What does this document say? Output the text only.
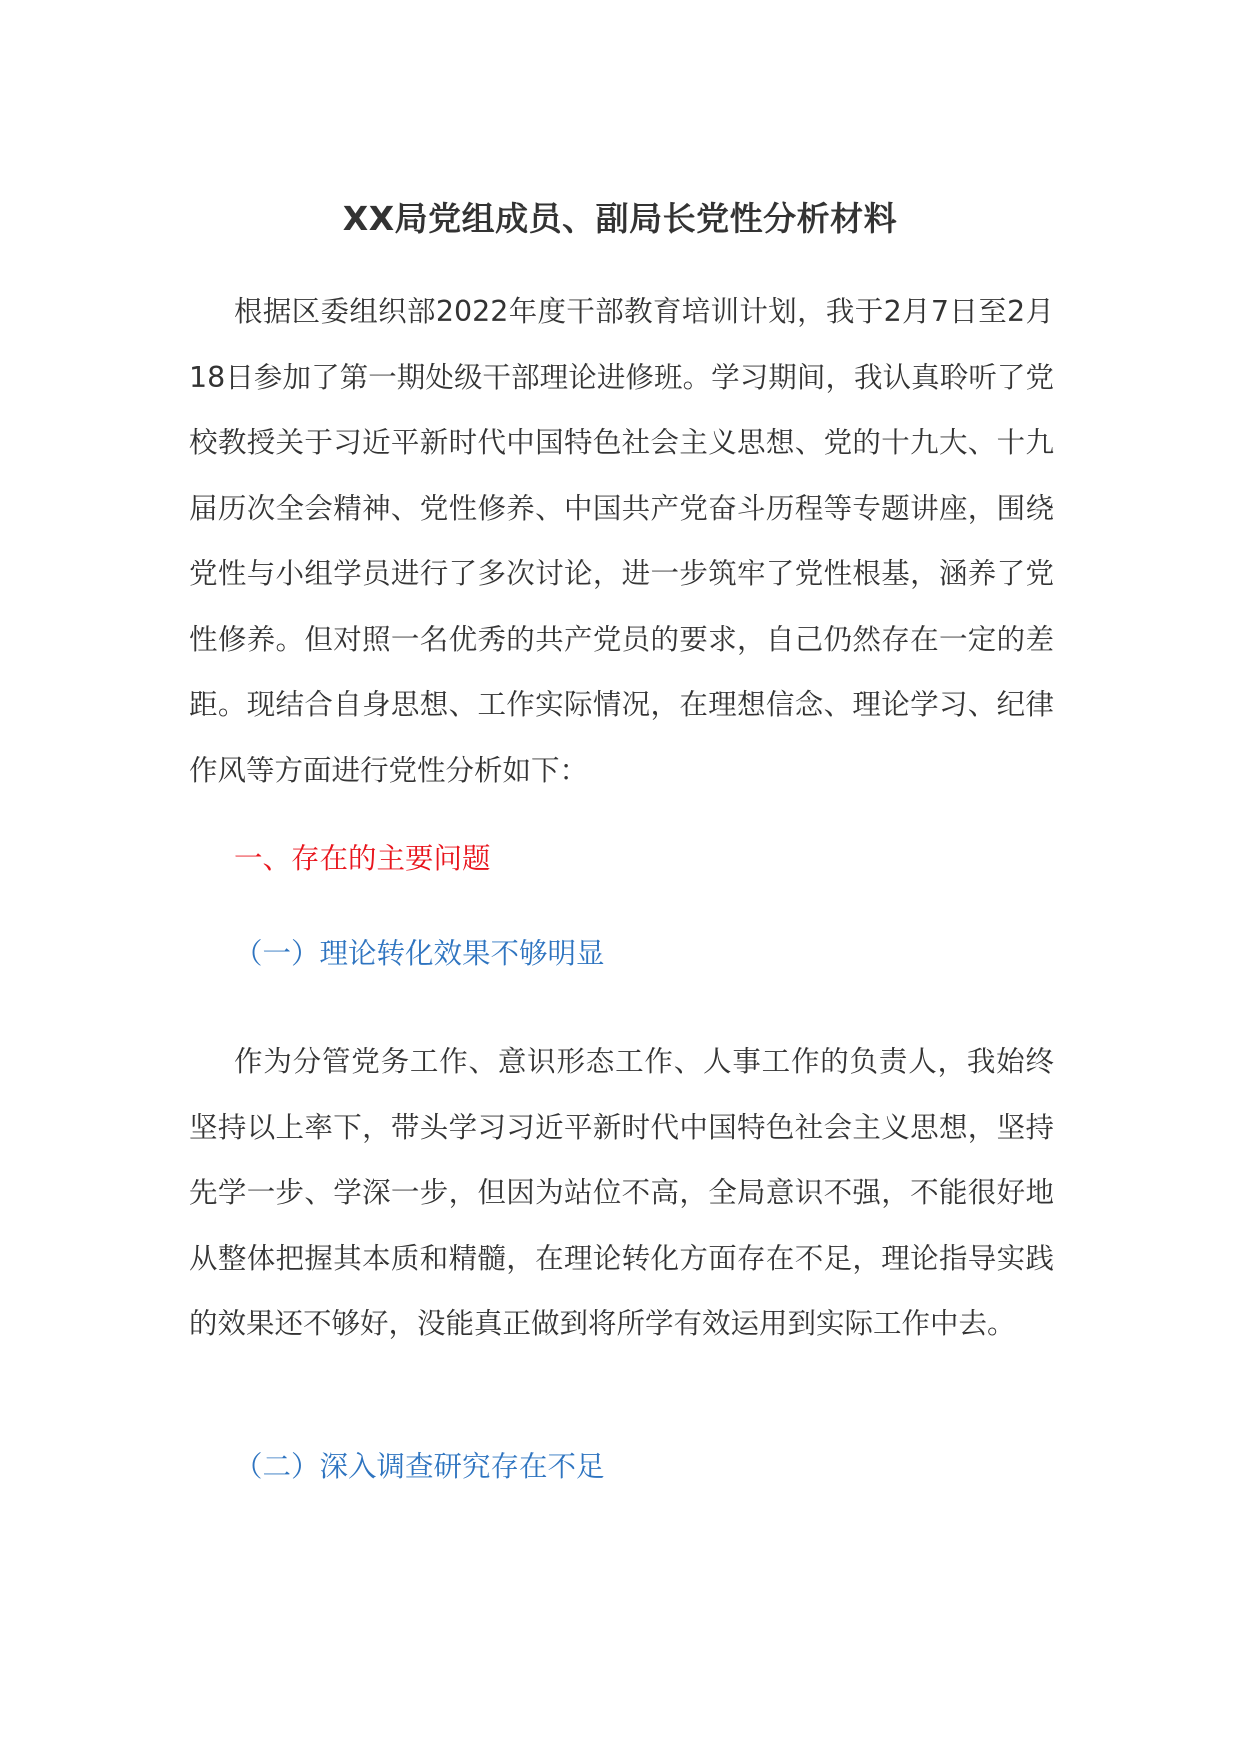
XX局党组成员、副局长党性分析材料

根据区委组织部2022年度干部教育培训计划，我于2月7日至2月18日参加了第一期处级干部理论进修班。学习期间，我认真聆听了党校教授关于习近平新时代中国特色社会主义思想、党的十九大、十九届历次全会精神、党性修养、中国共产党奋斗历程等专题讲座，围绕党性与小组学员进行了多次讨论，进一步筑牢了党性根基，涵养了党性修养。但对照一名优秀的共产党员的要求，自己仍然存在一定的差距。现结合自身思想、工作实际情况，在理想信念、理论学习、纪律作风等方面进行党性分析如下：

一、存在的主要问题
（一）理论转化效果不够明显

作为分管党务工作、意识形态工作、人事工作的负责人，我始终坚持以上率下，带头学习习近平新时代中国特色社会主义思想，坚持先学一步、学深一步，但因为站位不高，全局意识不强，不能很好地从整体把握其本质和精髓，在理论转化方面存在不足，理论指导实践的效果还不够好，没能真正做到将所学有效运用到实际工作中去。

（二）深入调查研究存在不足
